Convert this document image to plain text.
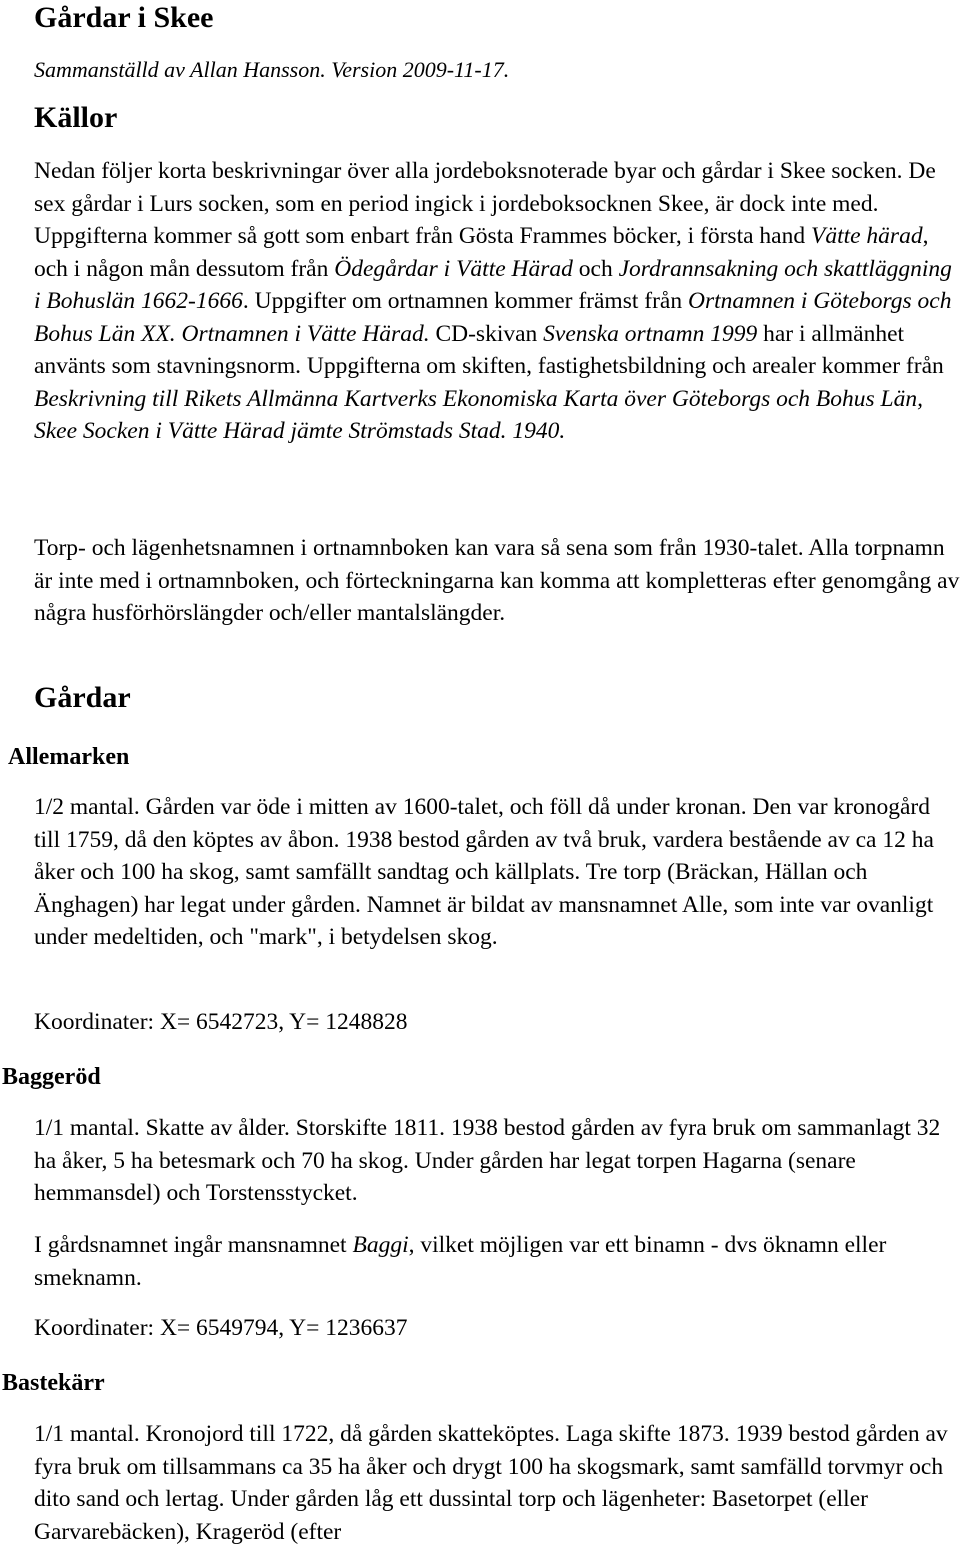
Gårdar i Skee
Sammanställd av Allan Hansson. Version 2009-11-17.
Källor

Nedan följer korta beskrivningar över alla jordeboksnoterade byar och gårdar i Skee socken. De sex gårdar i Lurs socken, som en period ingick i jordeboksocknen Skee, är dock inte med. Uppgifterna kommer så gott som enbart från Gösta Frammes böcker, i första hand Vätte härad, och i någon mån dessutom från Ödegårdar i Vätte Härad och Jordrannsakning och skattläggning i Bohuslän 1662-1666. Uppgifter om ortnamnen kommer främst från Ortnamnen i Göteborgs och Bohus Län XX. Ortnamnen i Vätte Härad. CD-skivan Svenska ortnamn 1999 har i allmänhet använts som stavningsnorm. Uppgifterna om skiften, fastighetsbildning och arealer kommer från Beskrivning till Rikets Allmänna Kartverks Ekonomiska Karta över Göteborgs och Bohus Län, Skee Socken i Vätte Härad jämte Strömstads Stad. 1940.

Torp- och lägenhetsnamnen i ortnamnboken kan vara så sena som från 1930-talet. Alla torpnamn är inte med i ortnamnboken, och förteckningarna kan komma att kompletteras efter genomgång av några husförhörslängder och/eller mantalslängder.

Gårdar
Allemarken

1/2 mantal. Gården var öde i mitten av 1600-talet, och föll då under kronan. Den var kronogård till 1759, då den köptes av åbon. 1938 bestod gården av två bruk, vardera bestående av ca 12 ha åker och 100 ha skog, samt samfällt sandtag och källplats. Tre torp (Bräckan, Hällan och Änghagen) har legat under gården. Namnet är bildat av mansnamnet Alle, som inte var ovanligt under medeltiden, och "mark", i betydelsen skog.

Koordinater: X= 6542723, Y= 1248828

Baggeröd

1/1 mantal. Skatte av ålder. Storskifte 1811. 1938 bestod gården av fyra bruk om sammanlagt 32 ha åker, 5 ha betesmark och 70 ha skog. Under gården har legat torpen Hagarna (senare hemmansdel) och Torstensstycket.

I gårdsnamnet ingår mansnamnet Baggi, vilket möjligen var ett binamn - dvs öknamn eller smeknamn.

Koordinater: X= 6549794, Y= 1236637

Bastekärr

1/1 mantal. Kronojord till 1722, då gården skatteköptes. Laga skifte 1873. 1939 bestod gården av fyra bruk om tillsammans ca 35 ha åker och drygt 100 ha skogsmark, samt samfälld torvmyr och dito sand och lertag. Under gården låg ett dussintal torp och lägenheter: Basetorpet (eller Garvarebäcken), Krageröd (efter
